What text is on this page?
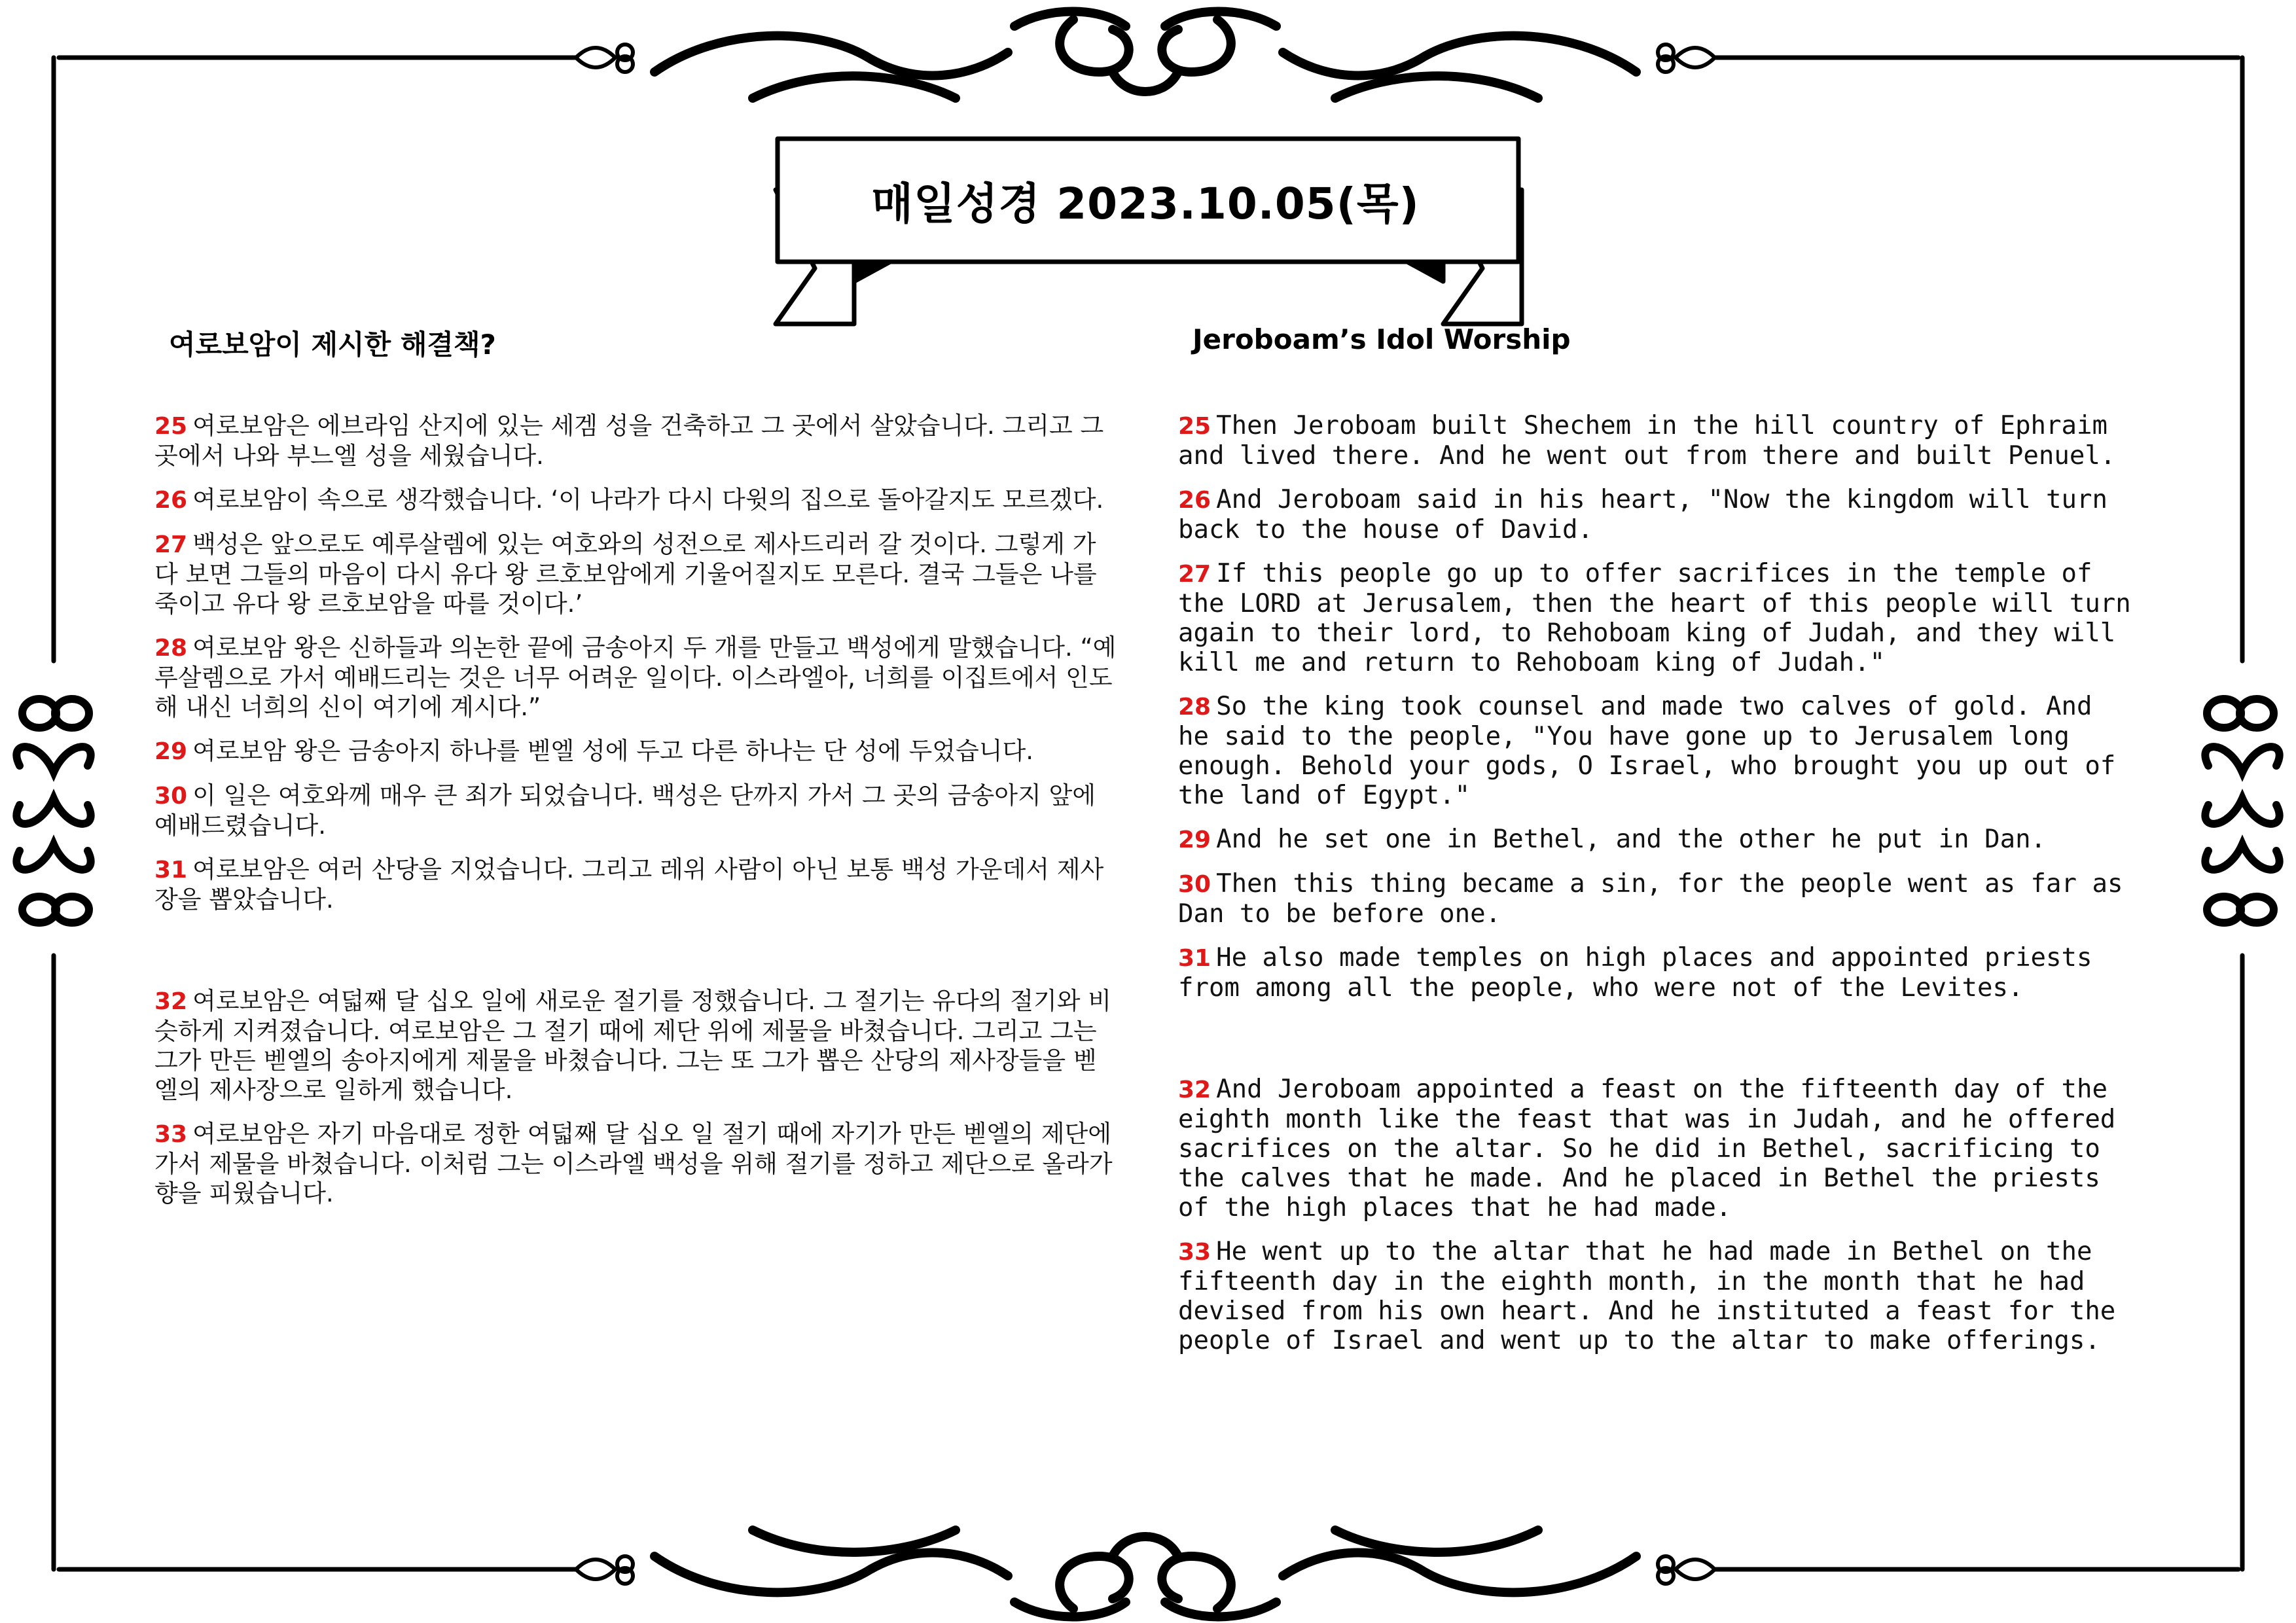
매일성경 2023.10.05(목)
여로보암이 제시한 해결책?	Jeroboam’s Idol Worship

25 여로보암은 에브라임 산지에 있는 세겜 성을 건축하고 그 곳에서 살았습니다. 그리고 그 곳에서 나와 부느엘 성을 세웠습니다.

26 여로보암이 속으로 생각했습니다. ‘이 나라가 다시 다윗의 집으로 돌아갈지도 모르겠다.

27 백성은 앞으로도 예루살렘에 있는 여호와의 성전으로 제사드리러 갈 것이다. 그렇게 가다 보면 그들의 마음이 다시 유다 왕 르호보암에게 기울어질지도 모른다. 결국 그들은 나를 죽이고 유다 왕 르호보암을 따를 것이다.’

28 여로보암 왕은 신하들과 의논한 끝에 금송아지 두 개를 만들고 백성에게 말했습니다. “예루살렘으로 가서 예배드리는 것은 너무 어려운 일이다. 이스라엘아, 너희를 이집트에서 인도해 내신 너희의 신이 여기에 계시다.”

29 여로보암 왕은 금송아지 하나를 벧엘 성에 두고 다른 하나는 단 성에 두었습니다.

30 이 일은 여호와께 매우 큰 죄가 되었습니다. 백성은 단까지 가서 그 곳의 금송아지 앞에 예배드렸습니다.

31 여로보암은 여러 산당을 지었습니다. 그리고 레위 사람이 아닌 보통 백성 가운데서 제사장을 뽑았습니다.

32 여로보암은 여덟째 달 십오 일에 새로운 절기를 정했습니다. 그 절기는 유다의 절기와 비슷하게 지켜졌습니다. 여로보암은 그 절기 때에 제단 위에 제물을 바쳤습니다. 그리고 그는 그가 만든 벧엘의 송아지에게 제물을 바쳤습니다. 그는 또 그가 뽑은 산당의 제사장들을 벧엘의 제사장으로 일하게 했습니다.

33 여로보암은 자기 마음대로 정한 여덟째 달 십오 일 절기 때에 자기가 만든 벧엘의 제단에 가서 제물을 바쳤습니다. 이처럼 그는 이스라엘 백성을 위해 절기를 정하고 제단으로 올라가 향을 피웠습니다.

25 Then Jeroboam built Shechem in the hill country of Ephraim and lived there. And he went out from there and built Penuel.

26 And Jeroboam said in his heart, "Now the kingdom will turn back to the house of David.

27 If this people go up to offer sacrifices in the temple of the LORD at Jerusalem, then the heart of this people will turn again to their lord, to Rehoboam king of Judah, and they will kill me and return to Rehoboam king of Judah."

28 So the king took counsel and made two calves of gold. And he said to the people, "You have gone up to Jerusalem long enough. Behold your gods, O Israel, who brought you up out of the land of Egypt."

29 And he set one in Bethel, and the other he put in Dan.

30 Then this thing became a sin, for the people went as far as Dan to be before one.

31 He also made temples on high places and appointed priests from among all the people, who were not of the Levites.

32 And Jeroboam appointed a feast on the fifteenth day of the eighth month like the feast that was in Judah, and he offered sacrifices on the altar. So he did in Bethel, sacrificing to the calves that he made. And he placed in Bethel the priests of the high places that he had made.

33 He went up to the altar that he had made in Bethel on the fifteenth day in the eighth month, in the month that he had devised from his own heart. And he instituted a feast for the people of Israel and went up to the altar to make offerings.
